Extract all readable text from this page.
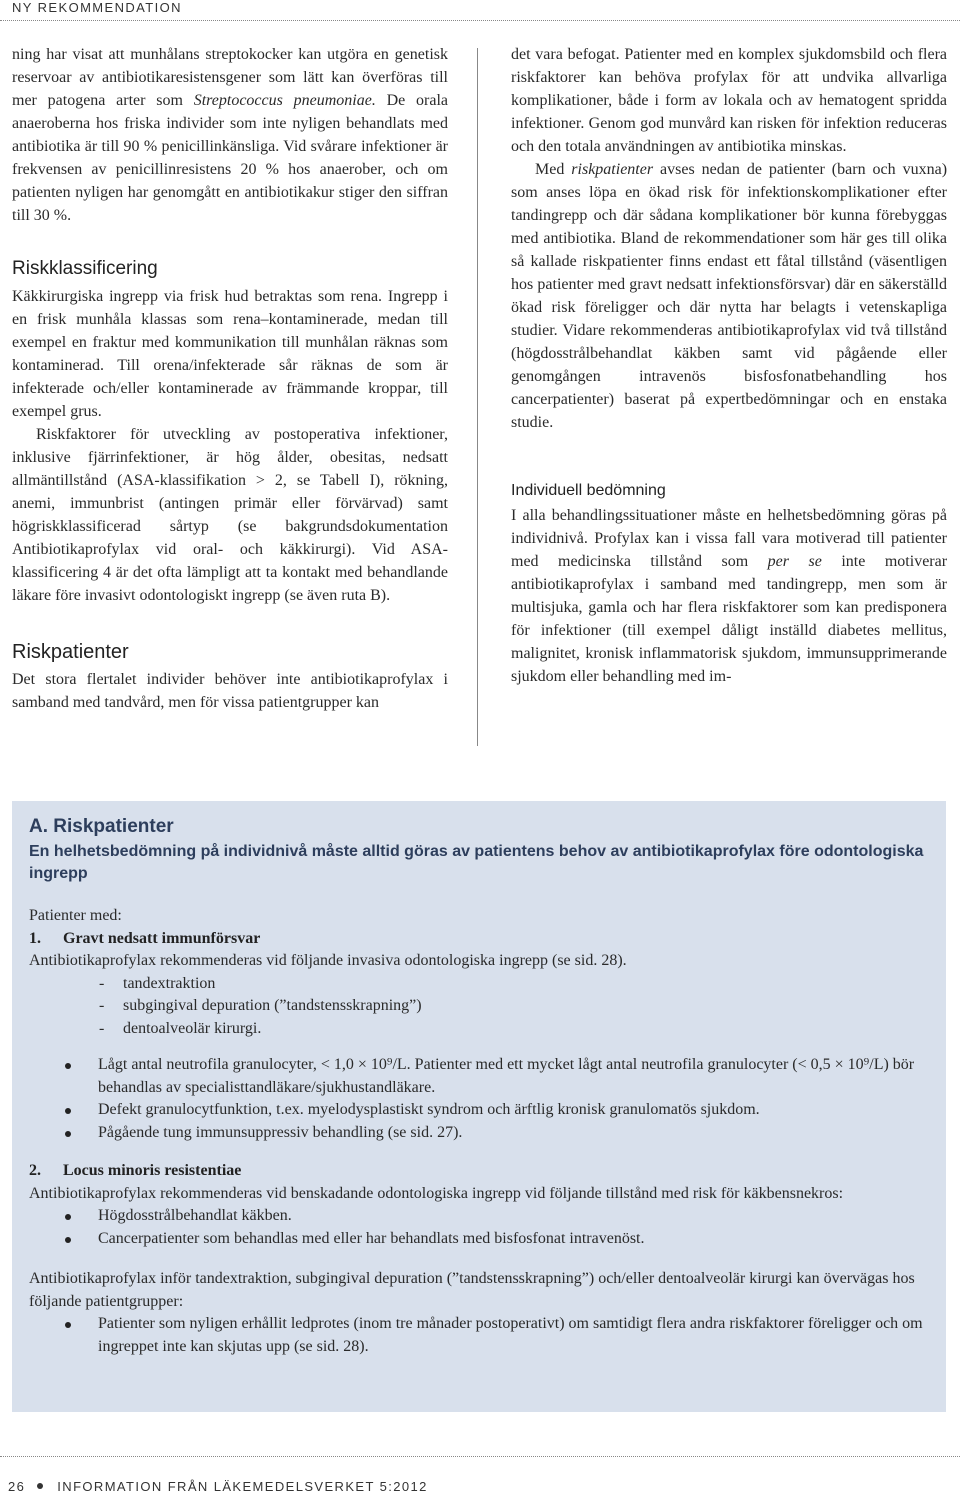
NY REKOMMENDATION

ning har visat att munhålans streptokocker kan utgöra en genetisk reservoar av antibiotikaresistensgener som lätt kan överföras till mer patogena arter som Streptococcus pneumoniae. De orala anaeroberna hos friska individer som inte nyligen behandlats med antibiotika är till 90 % penicillinkänsliga. Vid svårare infektioner är frekvensen av penicillinresistens 20 % hos anaerober, och om patienten nyligen har genomgått en antibiotikakur stiger den siffran till 30 %.

Riskklassificering

Käkkirurgiska ingrepp via frisk hud betraktas som rena. Ingrepp i en frisk munhåla klassas som rena–kontaminerade, medan till exempel en fraktur med kommunikation till munhålan räknas som kontaminerad. Till orena/infekterade sår räknas de som är infekterade och/eller kontaminerade av främmande kroppar, till exempel grus.

Riskfaktorer för utveckling av postoperativa infektioner, inklusive fjärrinfektioner, är hög ålder, obesitas, nedsatt allmäntillstånd (ASA-klassifikation > 2, se Tabell I), rökning, anemi, immunbrist (antingen primär eller förvärvad) samt högriskklassificerad sårtyp (se bakgrundsdokumentation Antibiotikaprofylax vid oral- och käkkirurgi). Vid ASA-klassificering 4 är det ofta lämpligt att ta kontakt med behandlande läkare före invasivt odontologiskt ingrepp (se även ruta B).

Riskpatienter

Det stora flertalet individer behöver inte antibiotikaprofylax i samband med tandvård, men för vissa patientgrupper kan

det vara befogat. Patienter med en komplex sjukdomsbild och flera riskfaktorer kan behöva profylax för att undvika allvarliga komplikationer, både i form av lokala och av hematogent spridda infektioner. Genom god munvård kan risken för infektion reduceras och den totala användningen av antibiotika minskas.

Med riskpatienter avses nedan de patienter (barn och vuxna) som anses löpa en ökad risk för infektionskomplikationer efter tandingrepp och där sådana komplikationer bör kunna förebyggas med antibiotika. Bland de rekommendationer som här ges till olika så kallade riskpatienter finns endast ett fåtal tillstånd (väsentligen hos patienter med gravt nedsatt infektionsförsvar) där en säkerställd ökad risk föreligger och där nytta har belagts i vetenskapliga studier. Vidare rekommenderas antibiotikaprofylax vid två tillstånd (högdosstrålbehandlat käkben samt vid pågående eller genomgången intravenös bisfosfonatbehandling hos cancerpatienter) baserat på expertbedömningar och en enstaka studie.

Individuell bedömning

I alla behandlingssituationer måste en helhetsbedömning göras på individnivå. Profylax kan i vissa fall vara motiverad till patienter med medicinska tillstånd som per se inte motiverar antibiotikaprofylax i samband med tandingrepp, men som är multisjuka, gamla och har flera riskfaktorer som kan predisponera för infektioner (till exempel dåligt inställd diabetes mellitus, malignitet, kronisk inflammatorisk sjukdom, immunsupprimerande sjukdom eller behandling med im-

A. Riskpatienter
En helhetsbedömning på individnivå måste alltid göras av patientens behov av antibiotikaprofylax före odontologiska ingrepp

Patienter med:

1. Gravt nedsatt immunförsvar

Antibiotikaprofylax rekommenderas vid följande invasiva odontologiska ingrepp (se sid. 28).

- tandextraktion
- subgingival depuration (”tandstensskrapning”)
- dentoalveolär kirurgi.
Lågt antal neutrofila granulocyter, < 1,0 × 10⁹/L. Patienter med ett mycket lågt antal neutrofila granulocyter (< 0,5 × 10⁹/L) bör behandlas av specialisttandläkare/sjukhustandläkare.
Defekt granulocytfunktion, t.ex. myelodysplastiskt syndrom och ärftlig kronisk granulomatös sjukdom.
Pågående tung immunsuppressiv behandling (se sid. 27).

2. Locus minoris resistentiae

Antibiotikaprofylax rekommenderas vid benskadande odontologiska ingrepp vid följande tillstånd med risk för käkbensnekros:

Högdosstrålbehandlat käkben.
Cancerpatienter som behandlas med eller har behandlats med bisfosfonat intravenöst.

Antibiotikaprofylax inför tandextraktion, subgingival depuration (”tandstensskrapning”) och/eller dentoalveolär kirurgi kan övervägas hos följande patientgrupper:

Patienter som nyligen erhållit ledprotes (inom tre månader postoperativt) om samtidigt flera andra riskfaktorer föreligger och om ingreppet inte kan skjutas upp (se sid. 28).
26 INFORMATION FRÅN LÄKEMEDELSVERKET 5:2012
